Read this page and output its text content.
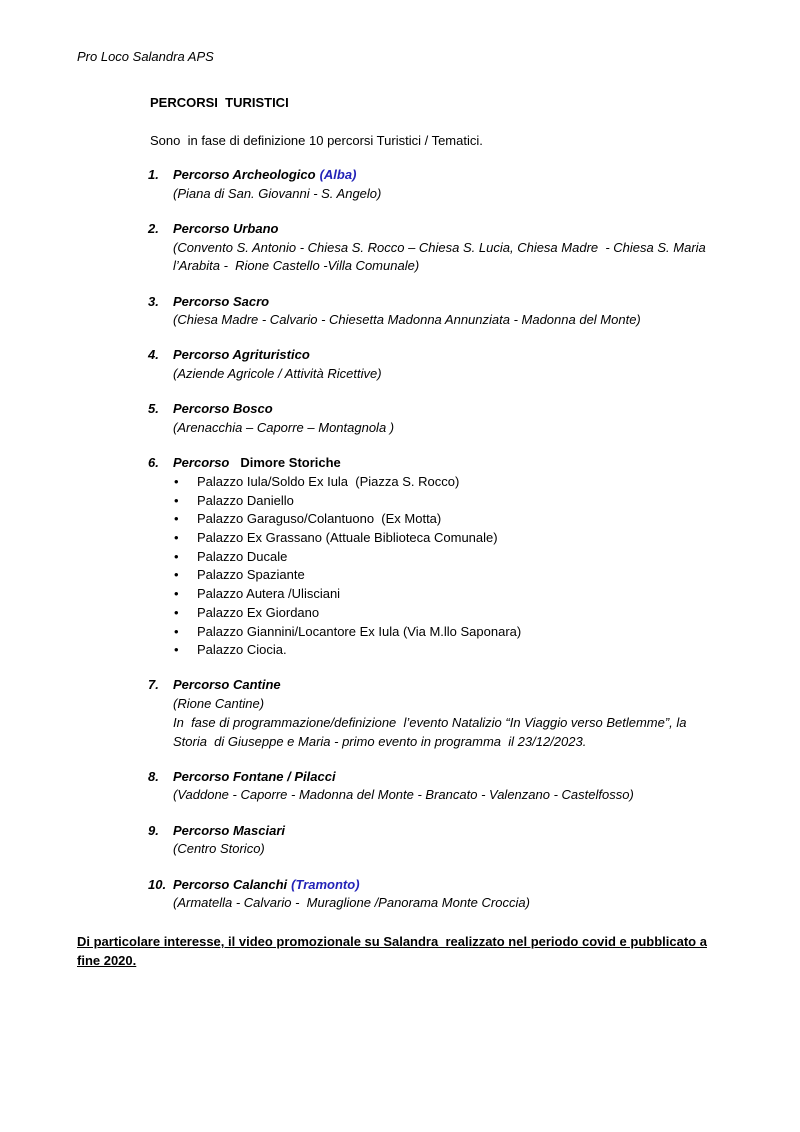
Pro Loco Salandra APS
PERCORSI  TURISTICI
Sono  in fase di definizione 10 percorsi Turistici / Tematici.
1. Percorso Archeologico (Alba)
(Piana di San. Giovanni - S. Angelo)
2. Percorso Urbano
(Convento S. Antonio - Chiesa S. Rocco – Chiesa S. Lucia, Chiesa Madre  - Chiesa S. Maria
l’Arabita -  Rione Castello -Villa Comunale)
3. Percorso Sacro
(Chiesa Madre - Calvario - Chiesetta Madonna Annunziata - Madonna del Monte)
4. Percorso Agrituristico
(Aziende Agricole / Attività Ricettive)
5. Percorso Bosco
(Arenacchia – Caporre – Montagnola )
6. Percorso Dimore Storiche
•
Palazzo Iula/Soldo Ex Iula  (Piazza S. Rocco)
•
Palazzo Daniello
•
Palazzo Garaguso/Colantuono  (Ex Motta)
•
Palazzo Ex Grassano (Attuale Biblioteca Comunale)
•
Palazzo Ducale
•
Palazzo Spaziante
•
Palazzo Autera /Ulisciani
•
Palazzo Ex Giordano
•
Palazzo Giannini/Locantore Ex Iula (Via M.llo Saponara)
•
Palazzo Ciocia.
7. Percorso Cantine
(Rione Cantine)
In  fase di programmazione/definizione  l’evento Natalizio “In Viaggio verso Betlemme”, la
Storia  di Giuseppe e Maria - primo evento in programma  il 23/12/2023.
8. Percorso Fontane / Pilacci
(Vaddone - Caporre - Madonna del Monte - Brancato - Valenzano - Castelfosso)
9. Percorso Masciari
(Centro Storico)
10. Percorso Calanchi (Tramonto)
(Armatella - Calvario -  Muraglione /Panorama Monte Croccia)
Di particolare interesse, il video promozionale su Salandra  realizzato nel periodo covid e pubblicato a
fine 2020.
